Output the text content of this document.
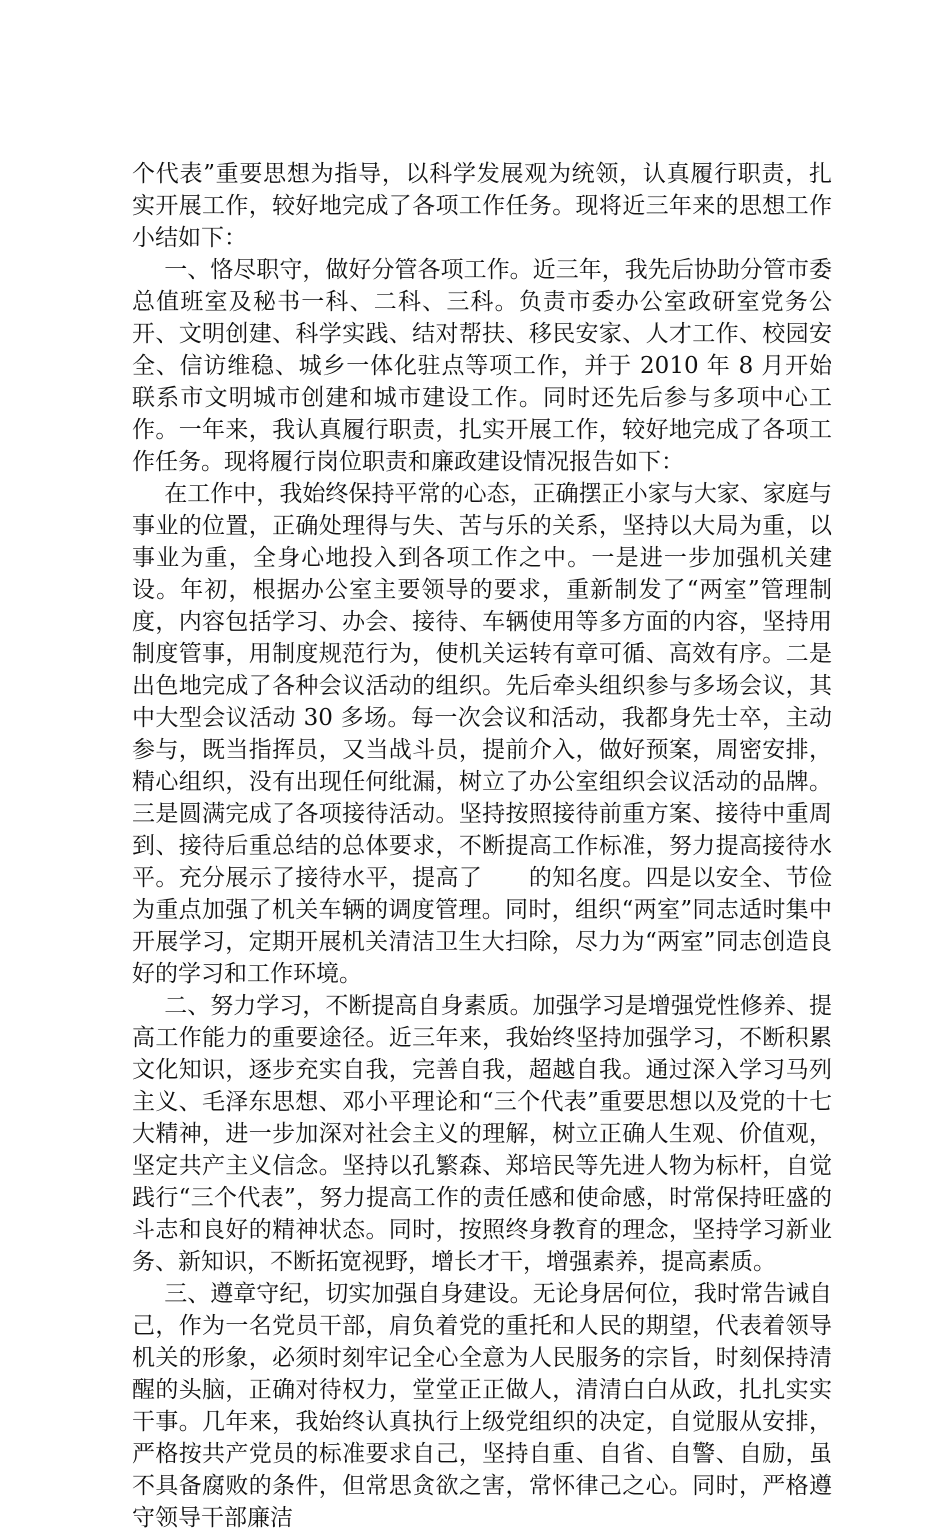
个代表”重要思想为指导，以科学发展观为统领，认真履行职责，扎实开展工作，较好地完成了各项工作任务。现将近三年来的思想工作小结如下：

一、恪尽职守，做好分管各项工作。近三年，我先后协助分管市委总值班室及秘书一科、二科、三科。负责市委办公室政研室党务公开、文明创建、科学实践、结对帮扶、移民安家、人才工作、校园安全、信访维稳、城乡一体化驻点等项工作，并于 2010 年 8 月开始联系市文明城市创建和城市建设工作。同时还先后参与多项中心工作。一年来，我认真履行职责，扎实开展工作，较好地完成了各项工作任务。现将履行岗位职责和廉政建设情况报告如下：

在工作中，我始终保持平常的心态，正确摆正小家与大家、家庭与事业的位置，正确处理得与失、苦与乐的关系，坚持以大局为重，以事业为重，全身心地投入到各项工作之中。一是进一步加强机关建设。年初，根据办公室主要领导的要求，重新制发了“两室”管理制度，内容包括学习、办会、接待、车辆使用等多方面的内容，坚持用制度管事，用制度规范行为，使机关运转有章可循、高效有序。二是出色地完成了各种会议活动的组织。先后牵头组织参与多场会议，其中大型会议活动 30 多场。每一次会议和活动，我都身先士卒，主动参与，既当指挥员，又当战斗员，提前介入，做好预案，周密安排，精心组织，没有出现任何纰漏，树立了办公室组织会议活动的品牌。三是圆满完成了各项接待活动。坚持按照接待前重方案、接待中重周到、接待后重总结的总体要求，不断提高工作标准，努力提高接待水平。充分展示了接待水平，提高了　　的知名度。四是以安全、节俭为重点加强了机关车辆的调度管理。同时，组织“两室”同志适时集中开展学习，定期开展机关清洁卫生大扫除，尽力为“两室”同志创造良好的学习和工作环境。

二、努力学习，不断提高自身素质。加强学习是增强党性修养、提高工作能力的重要途径。近三年来，我始终坚持加强学习，不断积累文化知识，逐步充实自我，完善自我，超越自我。通过深入学习马列主义、毛泽东思想、邓小平理论和“三个代表”重要思想以及党的十七大精神，进一步加深对社会主义的理解，树立正确人生观、价值观，坚定共产主义信念。坚持以孔繁森、郑培民等先进人物为标杆，自觉践行“三个代表”，努力提高工作的责任感和使命感，时常保持旺盛的斗志和良好的精神状态。同时，按照终身教育的理念，坚持学习新业务、新知识，不断拓宽视野，增长才干，增强素养，提高素质。

三、遵章守纪，切实加强自身建设。无论身居何位，我时常告诫自己，作为一名党员干部，肩负着党的重托和人民的期望，代表着领导机关的形象，必须时刻牢记全心全意为人民服务的宗旨，时刻保持清醒的头脑，正确对待权力，堂堂正正做人，清清白白从政，扎扎实实干事。几年来，我始终认真执行上级党组织的决定，自觉服从安排，严格按共产党员的标准要求自己，坚持自重、自省、自警、自励，虽不具备腐败的条件，但常思贪欲之害，常怀律己之心。同时，严格遵守领导干部廉洁
